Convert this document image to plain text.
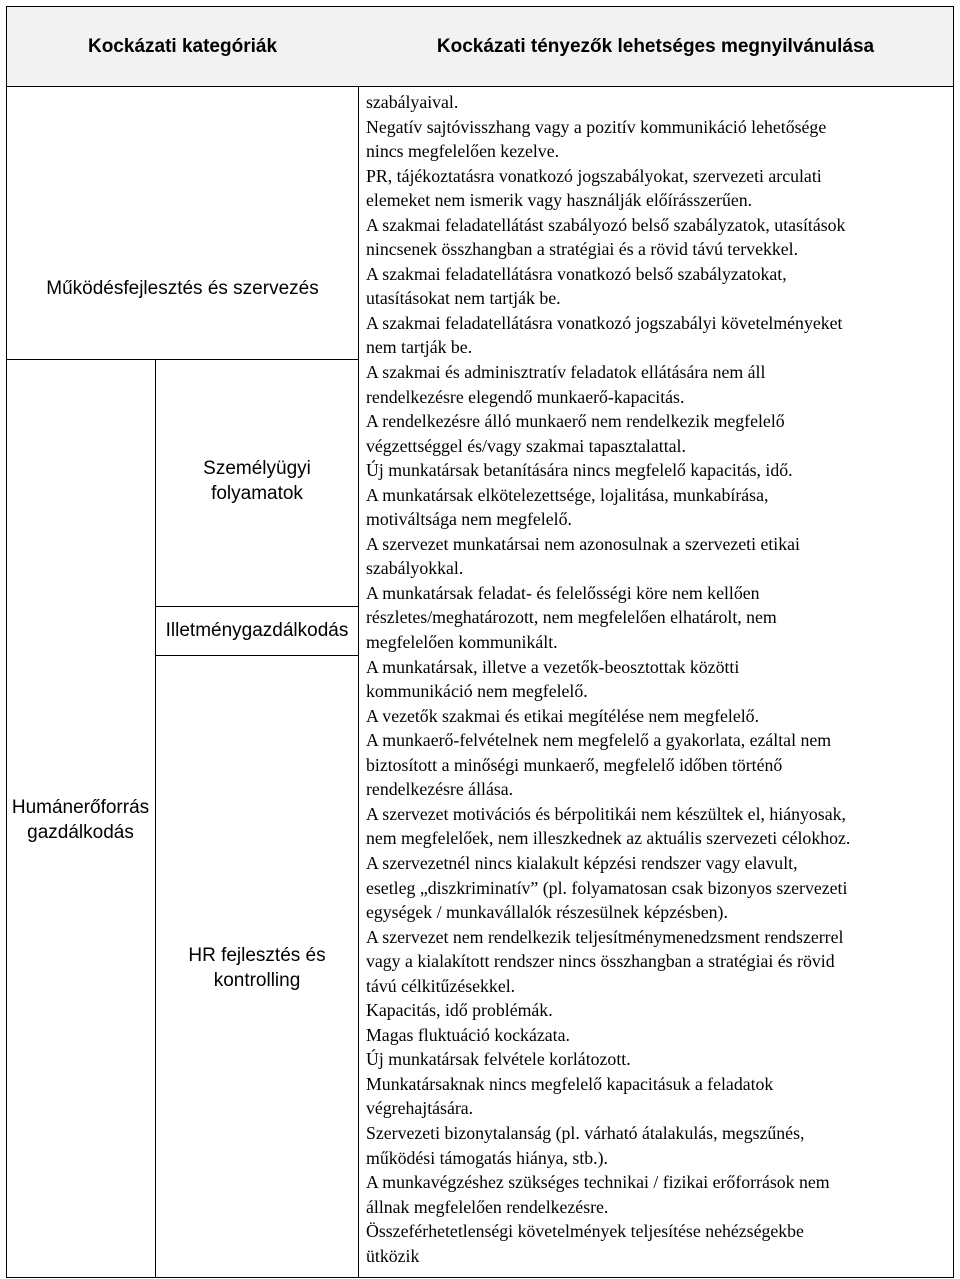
Kockázati kategóriák	Kockázati tényezők lehetséges megnyilvánulása
Működésfejlesztés és szervezés
Humánerőforrás
gazdálkodás
Személyügyi
folyamatok
Illetménygazdálkodás
HR fejlesztés és
kontrolling
szabályaival.
Negatív sajtóvisszhang vagy a pozitív kommunikáció lehetősége
nincs megfelelően kezelve.
PR, tájékoztatásra vonatkozó jogszabályokat, szervezeti arculati
elemeket nem ismerik vagy használják előírásszerűen.
A szakmai feladatellátást szabályozó belső szabályzatok, utasítások
nincsenek összhangban a stratégiai és a rövid távú tervekkel.
A szakmai feladatellátásra vonatkozó belső szabályzatokat,
utasításokat nem tartják be.
A szakmai feladatellátásra vonatkozó jogszabályi követelményeket
nem tartják be.
A szakmai és adminisztratív feladatok ellátására nem áll
rendelkezésre elegendő munkaerő-kapacitás.
A rendelkezésre álló munkaerő nem rendelkezik megfelelő
végzettséggel és/vagy szakmai tapasztalattal.
Új munkatársak betanítására nincs megfelelő kapacitás, idő.
A munkatársak elkötelezettsége, lojalitása, munkabírása,
motiváltsága nem megfelelő.
A szervezet munkatársai nem azonosulnak a szervezeti etikai
szabályokkal.
A munkatársak feladat- és felelősségi köre nem kellően
részletes/meghatározott, nem megfelelően elhatárolt, nem
megfelelően kommunikált.
A munkatársak, illetve a vezetők-beosztottak közötti
kommunikáció nem megfelelő.
A vezetők szakmai és etikai megítélése nem megfelelő.
A munkaerő-felvételnek nem megfelelő a gyakorlata, ezáltal nem
biztosított a minőségi munkaerő, megfelelő időben történő
rendelkezésre állása.
A szervezet motivációs és bérpolitikái nem készültek el, hiányosak,
nem megfelelőek, nem illeszkednek az aktuális szervezeti célokhoz.
A szervezetnél nincs kialakult képzési rendszer vagy elavult,
esetleg „diszkriminatív” (pl. folyamatosan csak bizonyos szervezeti
egységek / munkavállalók részesülnek képzésben).
A szervezet nem rendelkezik teljesítménymenedzsment rendszerrel
vagy a kialakított rendszer nincs összhangban a stratégiai és rövid
távú célkitűzésekkel.
Kapacitás, idő problémák.
Magas fluktuáció kockázata.
Új munkatársak felvétele korlátozott.
Munkatársaknak nincs megfelelő kapacitásuk a feladatok
végrehajtására.
Szervezeti bizonytalanság (pl. várható átalakulás, megszűnés,
működési támogatás hiánya, stb.).
A munkavégzéshez szükséges technikai / fizikai erőforrások nem
állnak megfelelően rendelkezésre.
Összeférhetetlenségi követelmények teljesítése nehézségekbe
ütközik
